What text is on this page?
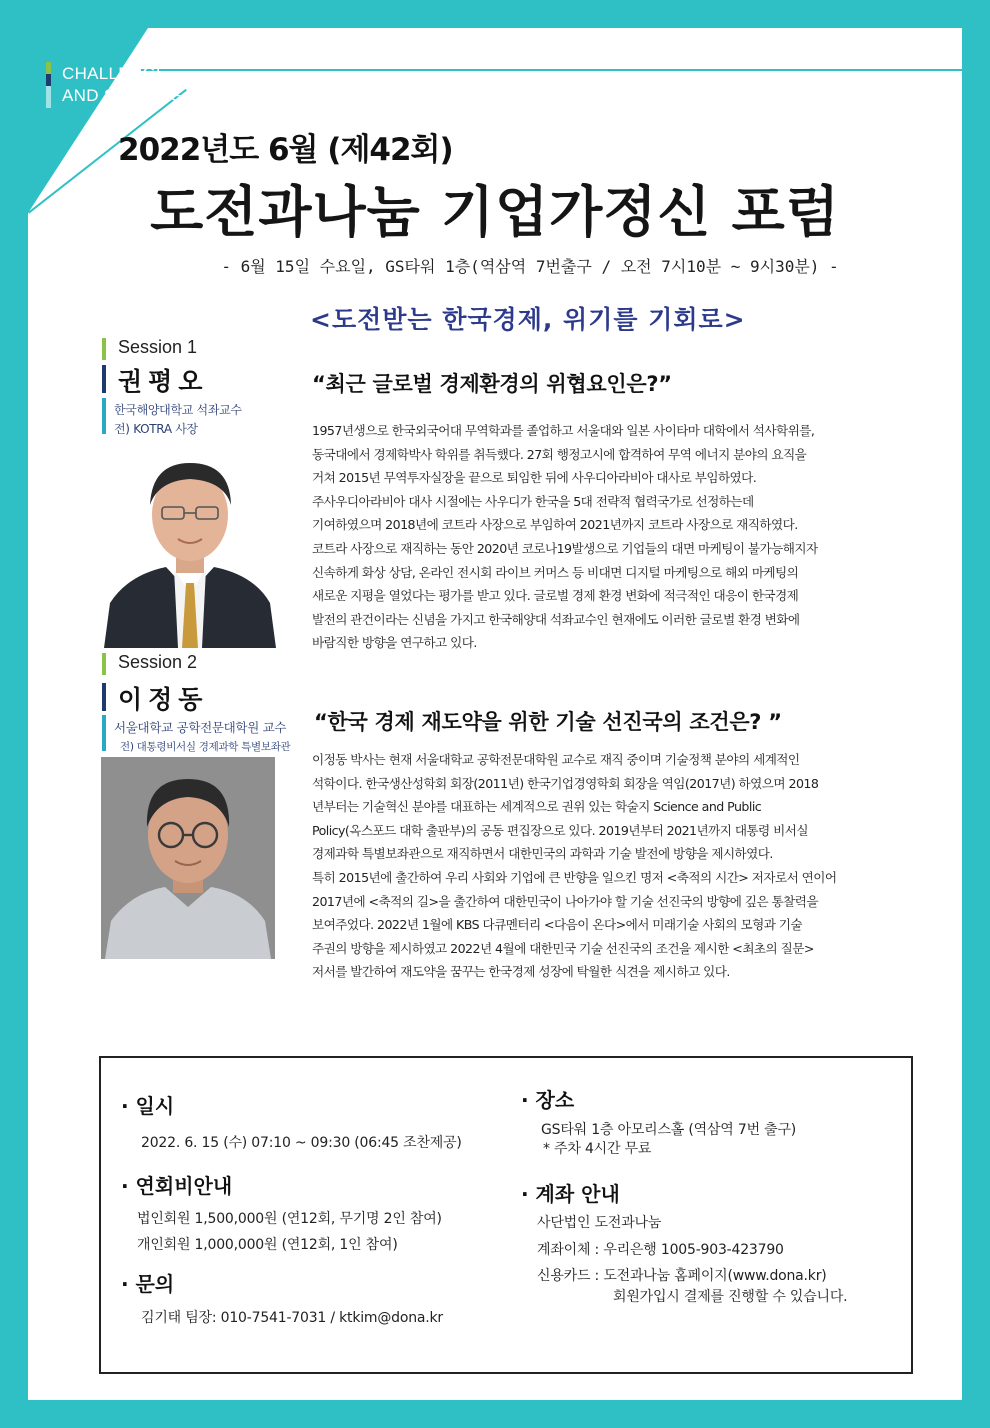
CHALLENGE
AND SHARING
2022년도 6월 (제42회)
도전과나눔 기업가정신 포럼
- 6월 15일 수요일, GS타워 1층(역삼역 7번출구 / 오전 7시10분 ~ 9시30분) -
<도전받는 한국경제, 위기를 기회로>
Session 1
권평오
한국해양대학교 석좌교수
전) KOTRA 사장
“최근 글로벌 경제환경의 위협요인은?”
1957년생으로 한국외국어대 무역학과를 졸업하고 서울대와 일본 사이타마 대학에서 석사학위를,
동국대에서 경제학박사 학위를 취득했다. 27회 행정고시에 합격하여 무역 에너지 분야의 요직을
거쳐 2015년 무역투자실장을 끝으로 퇴임한 뒤에 사우디아라비아 대사로 부임하였다.
주사우디아라비아 대사 시절에는 사우디가 한국을 5대 전략적 협력국가로 선정하는데
기여하였으며 2018년에 코트라 사장으로 부임하여 2021년까지 코트라 사장으로 재직하였다.
코트라 사장으로 재직하는 동안 2020년 코로나19발생으로 기업들의 대면 마케팅이 불가능해지자
신속하게 화상 상담, 온라인 전시회 라이브 커머스 등 비대면 디지털 마케팅으로 해외 마케팅의
새로운 지평을 열었다는 평가를 받고 있다. 글로벌 경제 환경 변화에 적극적인 대응이 한국경제
발전의 관건이라는 신념을 가지고 한국해양대 석좌교수인 현재에도 이러한 글로벌 환경 변화에
바람직한 방향을 연구하고 있다.
Session 2
이정동
서울대학교 공학전문대학원 교수
전) 대통령비서실 경제과학 특별보좌관
“한국 경제 재도약을 위한 기술 선진국의 조건은? ”
이정동 박사는 현재 서울대학교 공학전문대학원 교수로 재직 중이며 기술정책 분야의 세계적인
석학이다. 한국생산성학회 회장(2011년) 한국기업경영학회 회장을 역임(2017년) 하였으며 2018
년부터는 기술혁신 분야를 대표하는 세계적으로 권위 있는 학술지 Science and Public
Policy(옥스포드 대학 출판부)의 공동 편집장으로 있다. 2019년부터 2021년까지 대통령 비서실
경제과학 특별보좌관으로 재직하면서 대한민국의 과학과 기술 발전에 방향을 제시하였다.
특히 2015년에 출간하여 우리 사회와 기업에 큰 반향을 일으킨 명저 <축적의 시간> 저자로서 연이어
2017년에 <축적의 길>을 출간하여 대한민국이 나아가야 할 기술 선진국의 방향에 깊은 통찰력을
보여주었다. 2022년 1월에 KBS 다큐멘터리 <다음이 온다>에서 미래기술 사회의 모형과 기술
주권의 방향을 제시하였고 2022년 4월에 대한민국 기술 선진국의 조건을 제시한 <최초의 질문>
저서를 발간하여 재도약을 꿈꾸는 한국경제 성장에 탁월한 식견을 제시하고 있다.
· 일시
2022. 6. 15 (수) 07:10 ~ 09:30 (06:45 조찬제공)
· 연회비안내
법인회원 1,500,000원 (연12회, 무기명 2인 참여)
개인회원 1,000,000원 (연12회, 1인 참여)
· 문의
김기태 팀장: 010-7541-7031 / ktkim@dona.kr
· 장소
GS타워 1층 아모리스홀 (역삼역 7번 출구)
* 주차 4시간 무료
· 계좌 안내
사단법인 도전과나눔
계좌이체 : 우리은행 1005-903-423790
신용카드 : 도전과나눔 홈페이지(www.dona.kr)
회원가입시 결제를 진행할 수 있습니다.
